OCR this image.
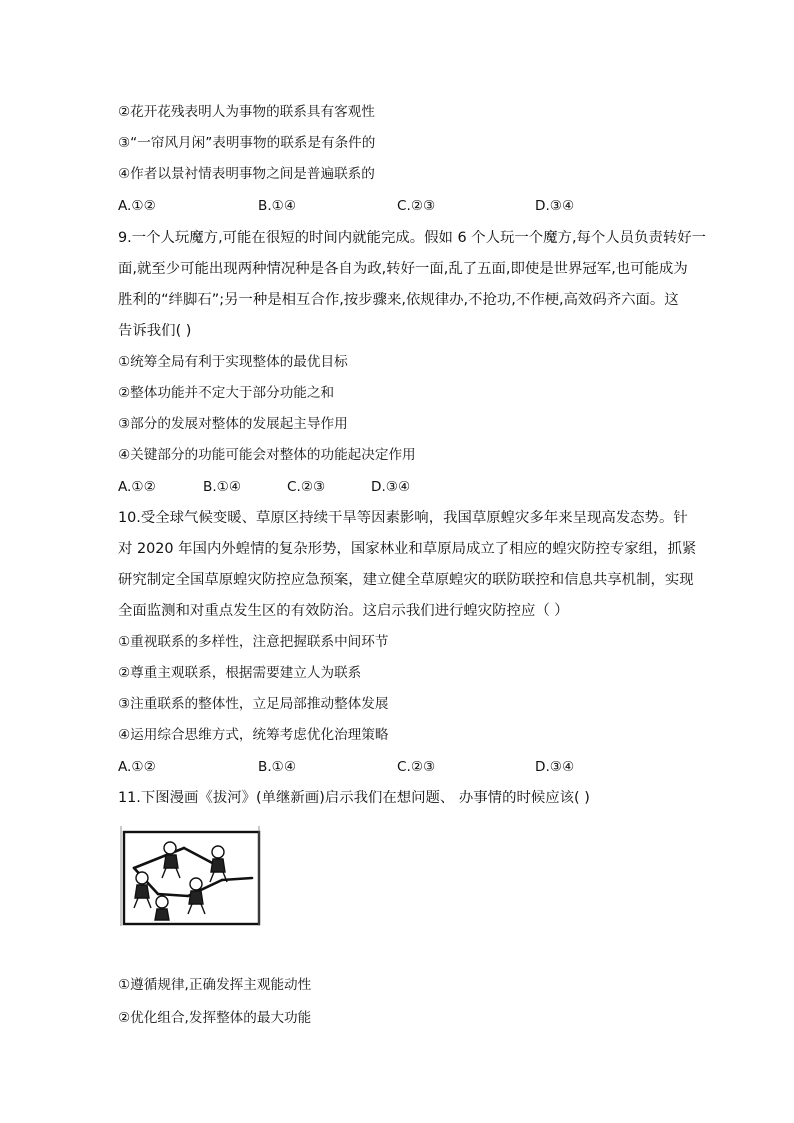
②花开花残表明人为事物的联系具有客观性
③“一帘风月闲”表明事物的联系是有条件的
④作者以景衬情表明事物之间是普遍联系的
A.①②	B.①④	C.②③	D.③④
9.一个人玩魔方,可能在很短的时间内就能完成。假如 6 个人玩一个魔方,每个人员负责转好一
面,就至少可能出现两种情况种是各自为政,转好一面,乱了五面,即使是世界冠军,也可能成为
胜利的“绊脚石”;另一种是相互合作,按步骤来,依规律办,不抢功,不作梗,高效码齐六面。这
告诉我们( )
①统筹全局有利于实现整体的最优目标
②整体功能并不定大于部分功能之和
③部分的发展对整体的发展起主导作用
④关键部分的功能可能会对整体的功能起决定作用
A.①②	B.①④	C.②③	D.③④
10.受全球气候变暖、草原区持续干旱等因素影响，我国草原蝗灾多年来呈现高发态势。针
对 2020 年国内外蝗情的复杂形势，国家林业和草原局成立了相应的蝗灾防控专家组，抓紧
研究制定全国草原蝗灾防控应急预案，建立健全草原蝗灾的联防联控和信息共享机制，实现
全面监测和对重点发生区的有效防治。这启示我们进行蝗灾防控应（ ）
①重视联系的多样性，注意把握联系中间环节
②尊重主观联系，根据需要建立人为联系
③注重联系的整体性，立足局部推动整体发展
④运用综合思维方式，统筹考虑优化治理策略
A.①②	B.①④	C.②③	D.③④
11.下图漫画《拔河》(单继新画)启示我们在想问题、 办事情的时候应该( )
①遵循规律,正确发挥主观能动性
②优化组合,发挥整体的最大功能
